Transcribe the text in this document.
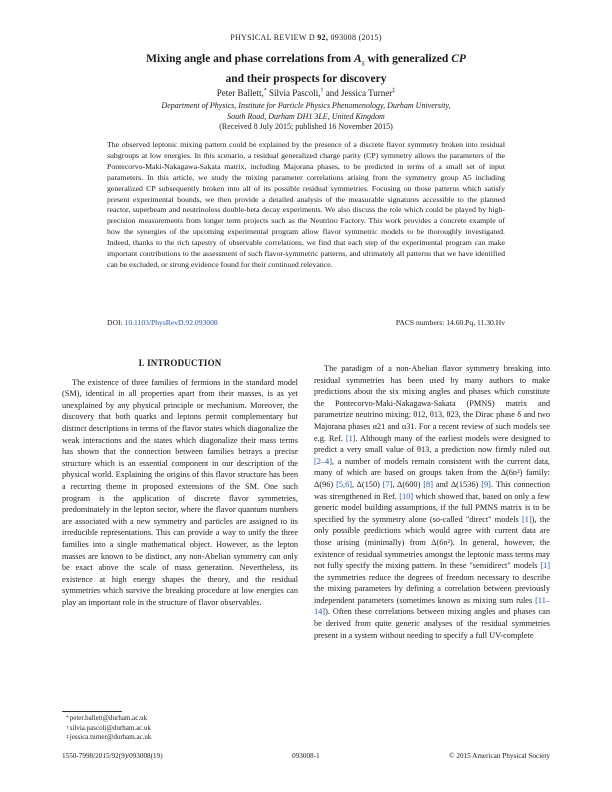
PHYSICAL REVIEW D 92, 093008 (2015)
Mixing angle and phase correlations from $A_5$ with generalized CP
and their prospects for discovery
Peter Ballett,* Silvia Pascoli,† and Jessica Turner‡
Department of Physics, Institute for Particle Physics Phenomenology, Durham University,
South Road, Durham DH1 3LE, United Kingdom
(Received 8 July 2015; published 16 November 2015)
The observed leptonic mixing pattern could be explained by the presence of a discrete flavor symmetry broken into residual subgroups at low energies. In this scenario, a residual generalized charge parity (CP) symmetry allows the parameters of the Pontecorvo-Maki-Nakagawa-Sakata matrix, including Majorana phases, to be predicted in terms of a small set of input parameters. In this article, we study the mixing parameter correlations arising from the symmetry group A5 including generalized CP subsequently broken into all of its possible residual symmetries. Focusing on those patterns which satisfy present experimental bounds, we then provide a detailed analysis of the measurable signatures accessible to the planned reactor, superbeam and neutrinoless double-beta decay experiments. We also discuss the role which could be played by high-precision measurements from longer term projects such as the Neutrino Factory. This work provides a concrete example of how the synergies of the upcoming experimental program allow flavor symmetric models to be thoroughly investigated. Indeed, thanks to the rich tapestry of observable correlations, we find that each step of the experimental program can make important contributions to the assessment of such flavor-symmetric patterns, and ultimately all patterns that we have identified can be excluded, or strong evidence found for their continued relevance.
DOI: 10.1103/PhysRevD.92.093008	PACS numbers: 14.60.Pq, 11.30.Hv
I. INTRODUCTION

The existence of three families of fermions in the standard model (SM), identical in all properties apart from their masses, is as yet unexplained by any physical principle or mechanism. Moreover, the discovery that both quarks and leptons permit complementary but distinct descriptions in terms of the flavor states which diagonalize the weak interactions and the states which diagonalize their mass terms has shown that the connection between families betrays a precise structure which is an essential component in our description of the physical world. Explaining the origins of this flavor structure has been a recurring theme in proposed extensions of the SM. One such program is the application of discrete flavor symmetries, predominately in the lepton sector, where the flavor quantum numbers are associated with a new symmetry and particles are assigned to its irreducible representations. This can provide a way to unify the three families into a single mathematical object. However, as the lepton masses are known to be distinct, any non-Abelian symmetry can only be exact above the scale of mass generation. Nevertheless, its existence at high energy shapes the theory, and the residual symmetries which survive the breaking procedure at low energies can play an important role in the structure of flavor observables.

The paradigm of a non-Abelian flavor symmetry breaking into residual symmetries has been used by many authors to make predictions about the six mixing angles and phases which constitute the Pontecorvo-Maki-Nakagawa-Sakata (PMNS) matrix and parametrize neutrino mixing: θ12, θ13, θ23, the Dirac phase δ and two Majorana phases α21 and α31. For a recent review of such models see e.g. Ref. [1]. Although many of the earliest models were designed to predict a very small value of θ13, a prediction now firmly ruled out [2–4], a number of models remain consistent with the current data, many of which are based on groups taken from the Δ(6n²) family: Δ(96) [5,6], Δ(150) [7], Δ(600) [8] and Δ(1536) [9]. This connection was strengthened in Ref. [10] which showed that, based on only a few generic model building assumptions, if the full PMNS matrix is to be specified by the symmetry alone (so-called "direct" models [1]), the only possible predictions which would agree with current data are those arising (minimally) from Δ(6n²). In general, however, the existence of residual symmetries amongst the leptonic mass terms may not fully specify the mixing pattern. In these "semidirect" models [1] the symmetries reduce the degrees of freedom necessary to describe the mixing parameters by defining a correlation between previously independent parameters (sometimes known as mixing sum rules [11–14]). Often these correlations between mixing angles and phases can be derived from quite generic analyses of the residual symmetries present in a system without needing to specify a full UV-complete

*peter.ballett@durham.ac.uk
†silvia.pascoli@durham.ac.uk
‡jessica.turner@durham.ac.uk
1550-7998/2015/92(9)/093008(19)	093008-1	© 2015 American Physical Society
